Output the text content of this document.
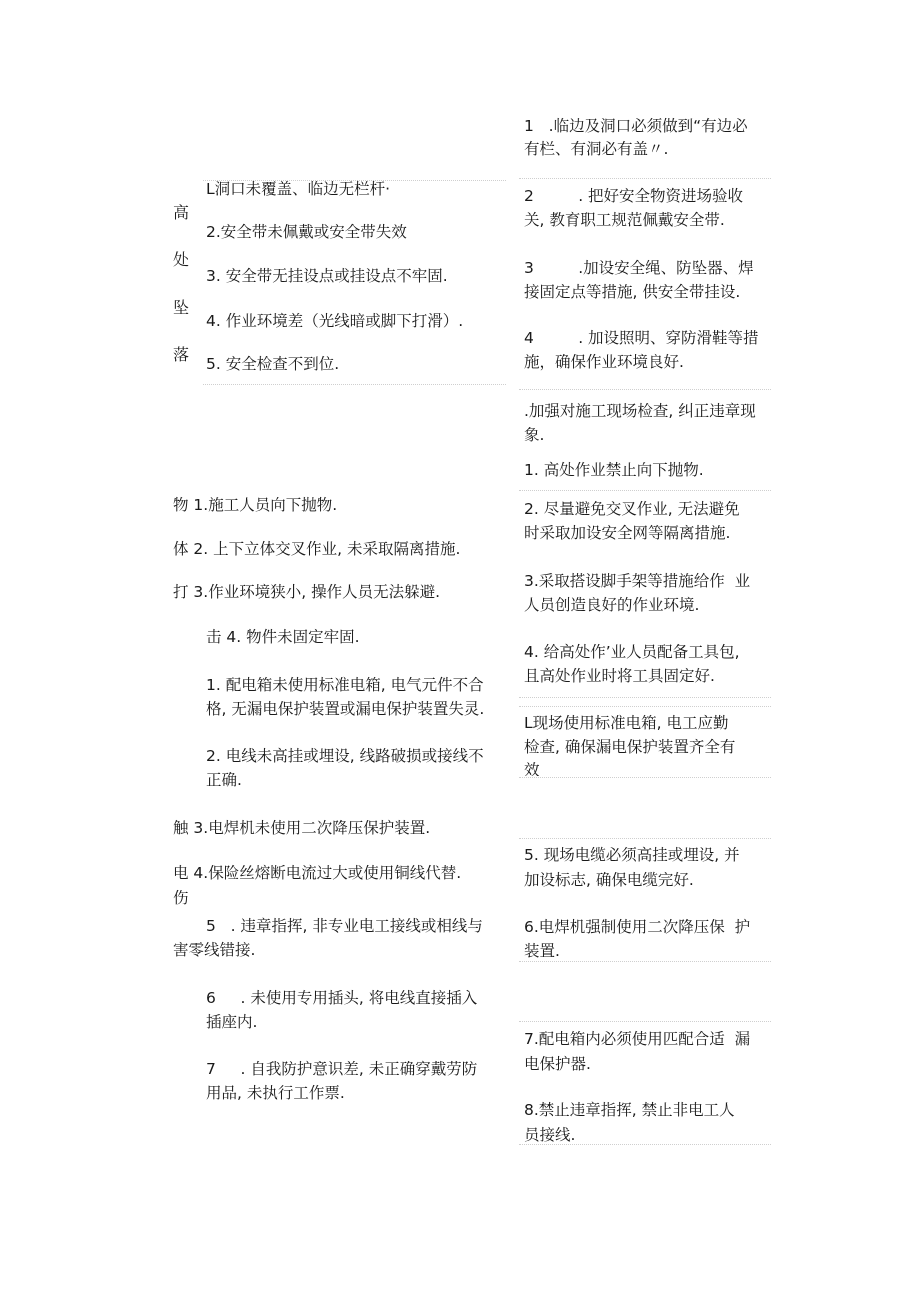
高
处
坠
落
L洞口未覆盖、临边无栏杆·
2.安全带未佩戴或安全带失效
3. 安全带无挂设点或挂设点不牢固.
4. 作业环境差（光线暗或脚下打滑）.
5. 安全检查不到位.
1   .临边及洞口必须做到“有边必
有栏、有洞必有盖〃.
2         . 把好安全物资进场验收
关, 教育职工规范佩戴安全带.
3         .加设安全绳、防坠器、焊
接固定点等措施, 供安全带挂设.
4         . 加设照明、穿防滑鞋等措
施，确保作业环境良好.
.加强对施工现场检查, 纠正违章现
象.
1. 高处作业禁止向下抛物.
2. 尽量避免交叉作业, 无法避免
时采取加设安全网等隔离措施.
3.采取搭设脚手架等措施给作  业
人员创造良好的作业环境.
4. 给高处作’业人员配备工具包,
且高处作业时将工具固定好.
物 1.施工人员向下抛物.
体 2. 上下立体交叉作业, 未采取隔离措施.
打 3.作业环境狭小, 操作人员无法躲避.
击 4. 物件未固定牢固.
1. 配电箱未使用标准电箱, 电气元件不合
格, 无漏电保护装置或漏电保护装置失灵.
2. 电线未高挂或埋设, 线路破损或接线不
正确.
触 3.电焊机未使用二次降压保护装置.
电 4.保险丝熔断电流过大或使用铜线代替.
伤
5   . 违章指挥, 非专业电工接线或相线与
害零线错接.
6     . 未使用专用插头, 将电线直接插入
插座内.
7     . 自我防护意识差, 未正确穿戴劳防
用品, 未执行工作票.
L现场使用标准电箱, 电工应勤
检查, 确保漏电保护装置齐全有
效
5. 现场电缆必须高挂或埋设, 并
加设标志, 确保电缆完好.
6.电焊机强制使用二次降压保  护
装置.
7.配电箱内必须使用匹配合适  漏
电保护器.
8.禁止违章指挥, 禁止非电工人
员接线.
